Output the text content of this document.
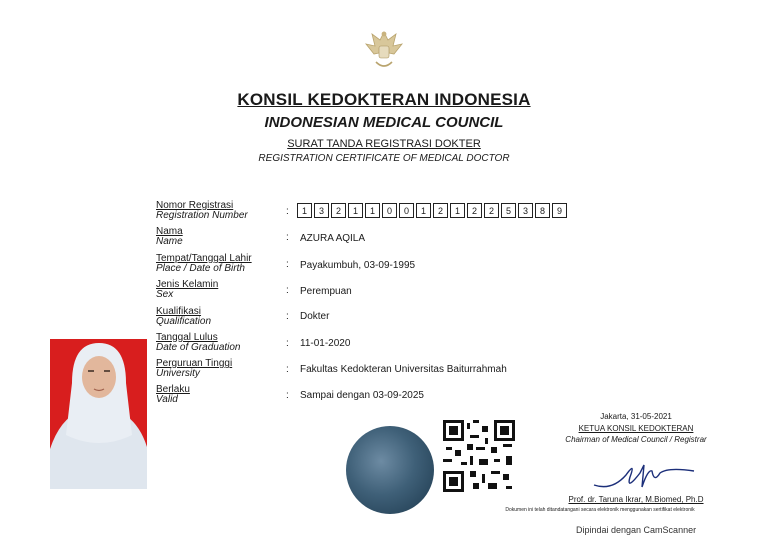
KONSIL KEDOKTERAN INDONESIA
INDONESIAN MEDICAL COUNCIL
SURAT TANDA REGISTRASI DOKTER
REGISTRATION CERTIFICATE OF MEDICAL DOCTOR
Nomor Registrasi
Registration Number	:	1	3	2	1	1	0	0	1	2	1	2	2	5	3	8	9
Nama
Name	: AZURA AQILA
Tempat/Tanggal Lahir
Place / Date of Birth	: Payakumbuh, 03-09-1995
Jenis Kelamin
Sex	: Perempuan
Kualifikasi
Qualification	: Dokter
Tanggal Lulus
Date of Graduation	: 11-01-2020
Perguruan Tinggi
University	: Fakultas Kedokteran Universitas Baiturrahmah
Berlaku
Valid	: Sampai dengan 03-09-2025
Jakarta, 31-05-2021
KETUA KONSIL KEDOKTERAN
Chairman of Medical Council / Registrar
Prof. dr. Taruna Ikrar, M.Biomed, Ph.D
Dokumen ini telah ditandatangani secara elektronik menggunakan sertifikat elektronik
Dipindai dengan CamScanner
